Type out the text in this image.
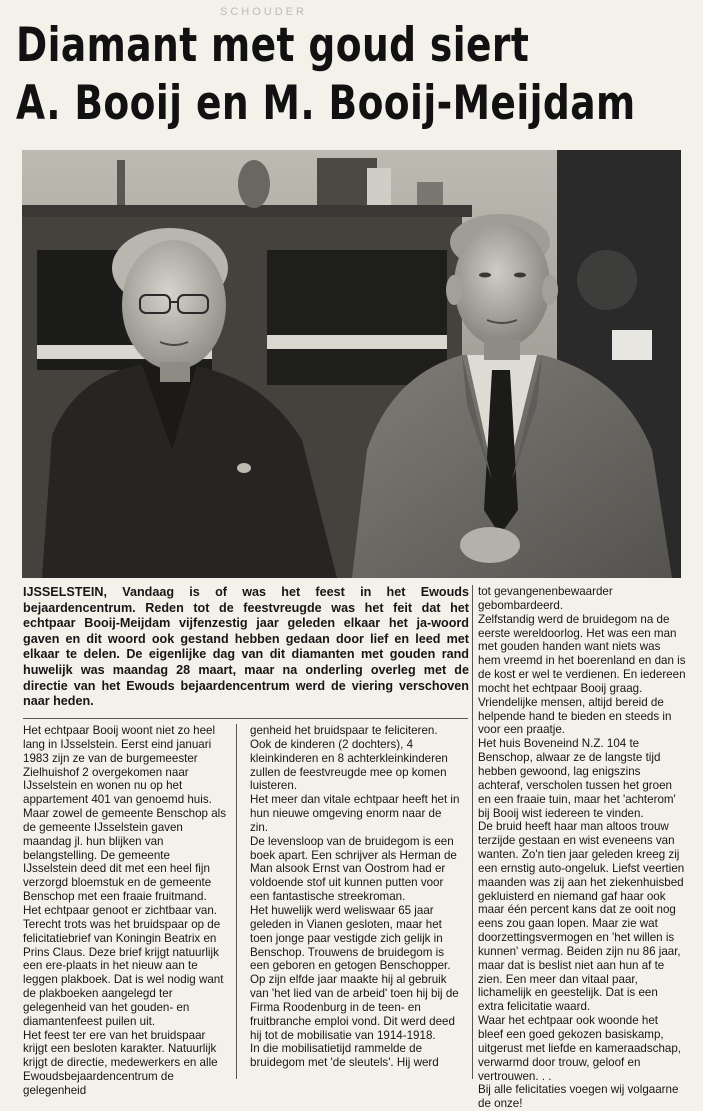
SCHOUDER
Diamant met goud siert
A. Booij en M. Booij-Meijdam

IJSSELSTEIN, Vandaag is of was het feest in het Ewouds bejaardencentrum. Reden tot de feestvreugde was het feit dat het echtpaar Booij-Meijdam vijfenzestig jaar geleden elkaar het ja-woord gaven en dit woord ook gestand hebben gedaan door lief en leed met elkaar te delen. De eigenlijke dag van dit diamanten met gouden rand huwelijk was maandag 28 maart, maar na onderling overleg met de directie van het Ewouds bejaardencentrum werd de viering verschoven naar heden.

Het echtpaar Booij woont niet zo heel lang in IJsselstein. Eerst eind januari 1983 zijn ze van de burgemeester Zielhuishof 2 overgekomen naar IJsselstein en wonen nu op het appartement 401 van genoemd huis.

Maar zowel de gemeente Benschop als de gemeente IJsselstein gaven maandag jl. hun blijken van belangstelling. De gemeente IJsselstein deed dit met een heel fijn verzorgd bloemstuk en de gemeente Benschop met een fraaie fruitmand. Het echtpaar genoot er zichtbaar van.

Terecht trots was het bruidspaar op de felicitatiebrief van Koningin Beatrix en Prins Claus. Deze brief krijgt natuurlijk een ere-plaats in het nieuw aan te leggen plakboek. Dat is wel nodig want de plakboeken aangelegd ter gelegenheid van het gouden- en diamantenfeest puilen uit.

Het feest ter ere van het bruidspaar krijgt een besloten karakter. Natuurlijk krijgt de directie, medewerkers en alle Ewoudsbejaardencentrum de gelegenheid

genheid het bruidspaar te feliciteren. Ook de kinderen (2 dochters), 4 kleinkinderen en 8 achterkleinkinderen zullen de feestvreugde mee op komen luisteren.

Het meer dan vitale echtpaar heeft het in hun nieuwe omgeving enorm naar de zin.

De levensloop van de bruidegom is een boek apart. Een schrijver als Herman de Man alsook Ernst van Oostrom had er voldoende stof uit kunnen putten voor een fantastische streekroman.

Het huwelijk werd weliswaar 65 jaar geleden in Vianen gesloten, maar het toen jonge paar vestigde zich gelijk in Benschop. Trouwens de bruidegom is een geboren en getogen Benschopper.

Op zijn elfde jaar maakte hij al gebruik van 'het lied van de arbeid' toen hij bij de Firma Roodenburg in de teen- en fruitbranche emploi vond. Dit werd deed hij tot de mobilisatie van 1914-1918.

In die mobilisatietijd rammelde de bruidegom met 'de sleutels'. Hij werd

tot gevangenenbewaarder gebombardeerd.

Zelfstandig werd de bruidegom na de eerste wereldoorlog. Het was een man met gouden handen want niets was hem vreemd in het boerenland en dan is de kost er wel te verdienen. En iedereen mocht het echtpaar Booij graag. Vriendelijke mensen, altijd bereid de helpende hand te bieden en steeds in voor een praatje.

Het huis Boveneind N.Z. 104 te Benschop, alwaar ze de langste tijd hebben gewoond, lag enigszins achteraf, verscholen tussen het groen en een fraaie tuin, maar het 'achterom' bij Booij wist iedereen te vinden.

De bruid heeft haar man altoos trouw terzijde gestaan en wist eveneens van wanten. Zo'n tien jaar geleden kreeg zij een ernstig auto-ongeluk. Liefst veertien maanden was zij aan het ziekenhuisbed gekluisterd en niemand gaf haar ook maar één percent kans dat ze ooit nog eens zou gaan lopen. Maar zie wat doorzettingsvermogen en 'het willen is kunnen' vermag. Beiden zijn nu 86 jaar, maar dat is beslist niet aan hun af te zien. Een meer dan vitaal paar, lichamelijk en geestelijk. Dat is een extra felicitatie waard.

Waar het echtpaar ook woonde het bleef een goed gekozen basiskamp, uitgerust met liefde en kameraadschap, verwarmd door trouw, geloof en vertrouwen. . .

Bij alle felicitaties voegen wij volgaarne de onze!
